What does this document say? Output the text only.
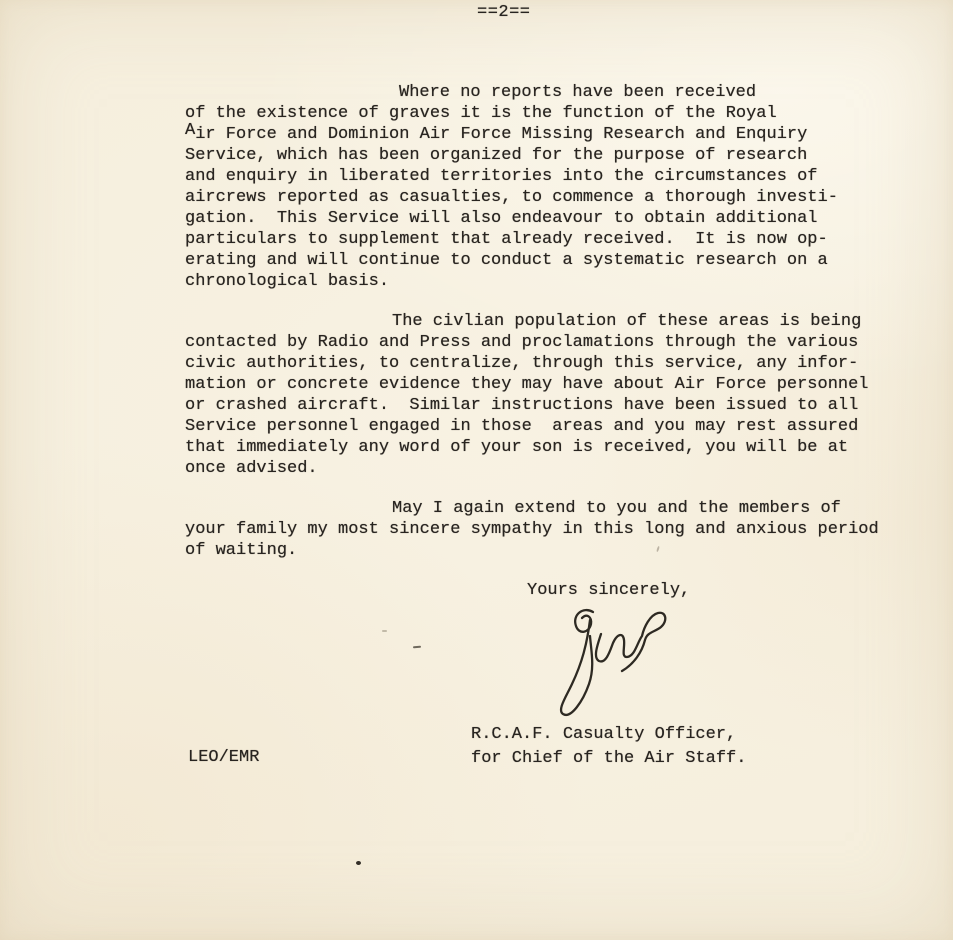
==2==
Where no reports have been received
of the existence of graves it is the function of the Royal
Air Force and Dominion Air Force Missing Research and Enquiry
Service, which has been organized for the purpose of research
and enquiry in liberated territories into the circumstances of
aircrews reported as casualties, to commence a thorough investi-
gation.  This Service will also endeavour to obtain additional
particulars to supplement that already received.  It is now op-
erating and will continue to conduct a systematic research on a
chronological basis.
The civlian population of these areas is being
contacted by Radio and Press and proclamations through the various
civic authorities, to centralize, through this service, any infor-
mation or concrete evidence they may have about Air Force personnel
or crashed aircraft.  Similar instructions have been issued to all
Service personnel engaged in those  areas and you may rest assured
that immediately any word of your son is received, you will be at
once advised.
May I again extend to you and the members of
your family my most sincere sympathy in this long and anxious period
of waiting.
Yours sincerely,
R.C.A.F. Casualty Officer,
for Chief of the Air Staff.
LEO/EMR
